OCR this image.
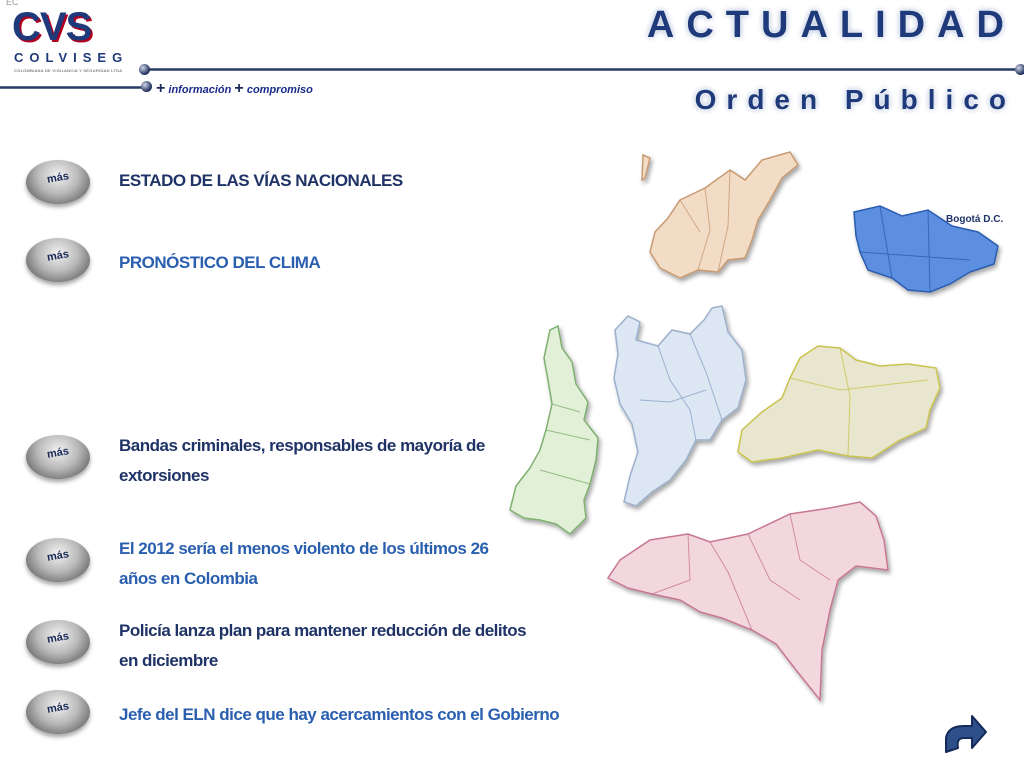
EC
CVS
COLVISEG
COLOMBIANA DE VIGILANCIA Y SEGURIDAD LTDA
+ información + compromiso
ACTUALIDAD
Orden Público
más	ESTADO DE LAS VÍAS NACIONALES
más	PRONÓSTICO DEL CLIMA
más	Bandas criminales, responsables de mayoría de
extorsiones
más	El 2012 sería el menos violento de los últimos 26
años en Colombia
más	Policía lanza plan para mantener reducción de delitos
en diciembre
más	Jefe del ELN dice que hay acercamientos con el Gobierno
Bogotá D.C.
